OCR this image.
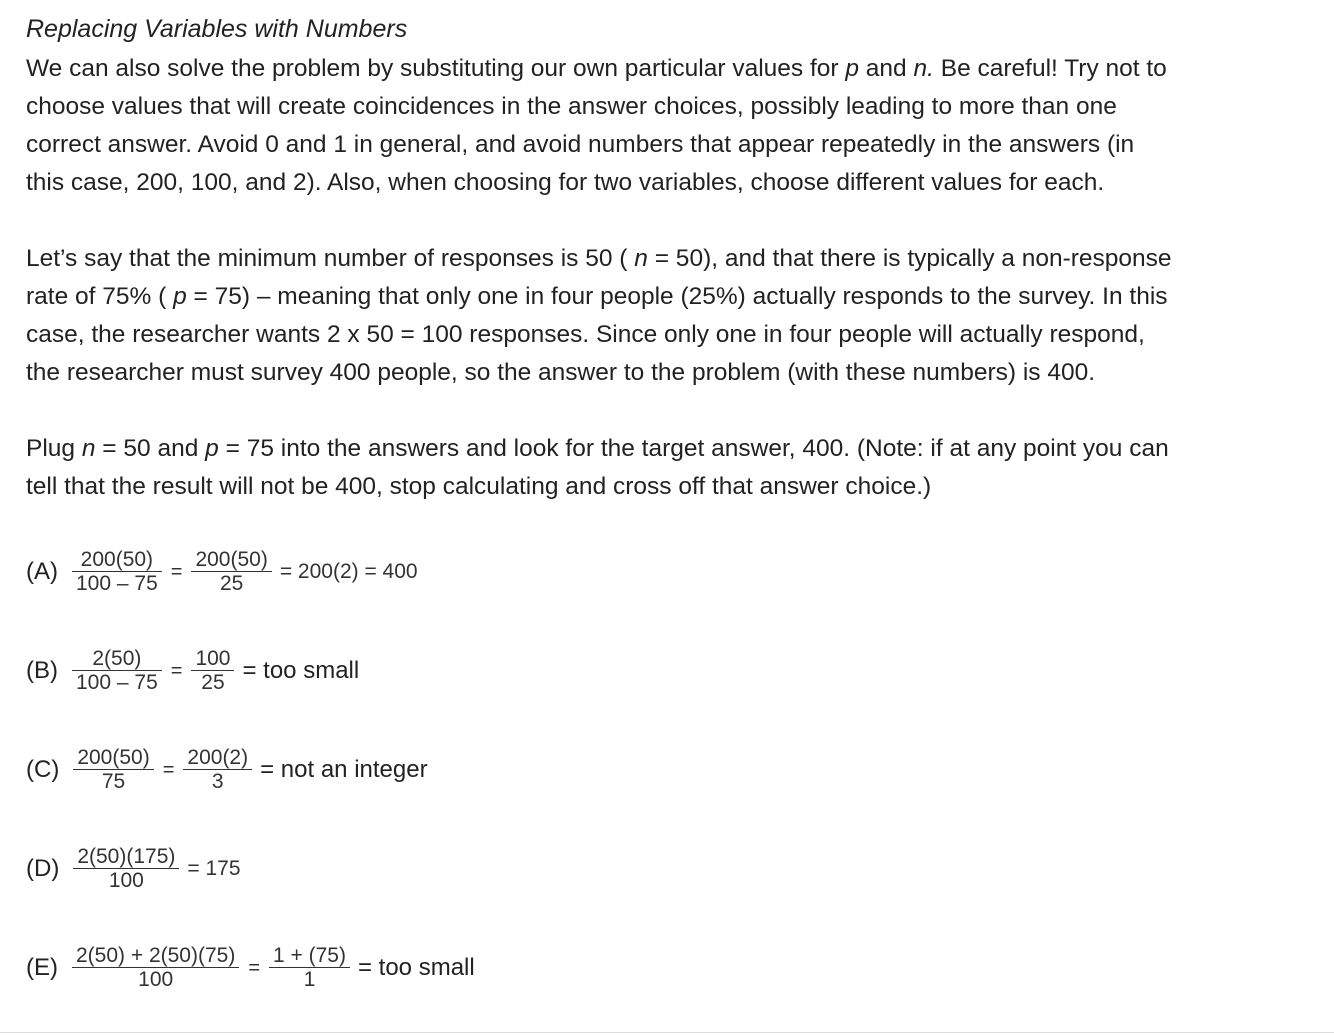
Replacing Variables with Numbers
We can also solve the problem by substituting our own particular values for p and n. Be careful! Try not to
choose values that will create coincidences in the answer choices, possibly leading to more than one
correct answer. Avoid 0 and 1 in general, and avoid numbers that appear repeatedly in the answers (in
this case, 200, 100, and 2). Also, when choosing for two variables, choose different values for each.
Let’s say that the minimum number of responses is 50 ( n = 50), and that there is typically a non-response
rate of 75% ( p = 75) – meaning that only one in four people (25%) actually responds to the survey. In this
case, the researcher wants 2 x 50 = 100 responses. Since only one in four people will actually respond,
the researcher must survey 400 people, so the answer to the problem (with these numbers) is 400.
Plug n = 50 and p = 75 into the answers and look for the target answer, 400. (Note: if at any point you can
tell that the result will not be 400, stop calculating and cross off that answer choice.)
$(A) \frac{200(50)}{100 - 75} = \frac{200(50)}{25} = 200(2) = 400$
$(B) \frac{2(50)}{100 - 75} = \frac{100}{25}$ = too small
$(C) \frac{200(50)}{75} = \frac{200(2)}{3}$ = not an integer
$(D) \frac{2(50)(175)}{100} = 175$
$(E) \frac{2(50) + 2(50)(75)}{100} = \frac{1 + (75)}{1}$ = too small
